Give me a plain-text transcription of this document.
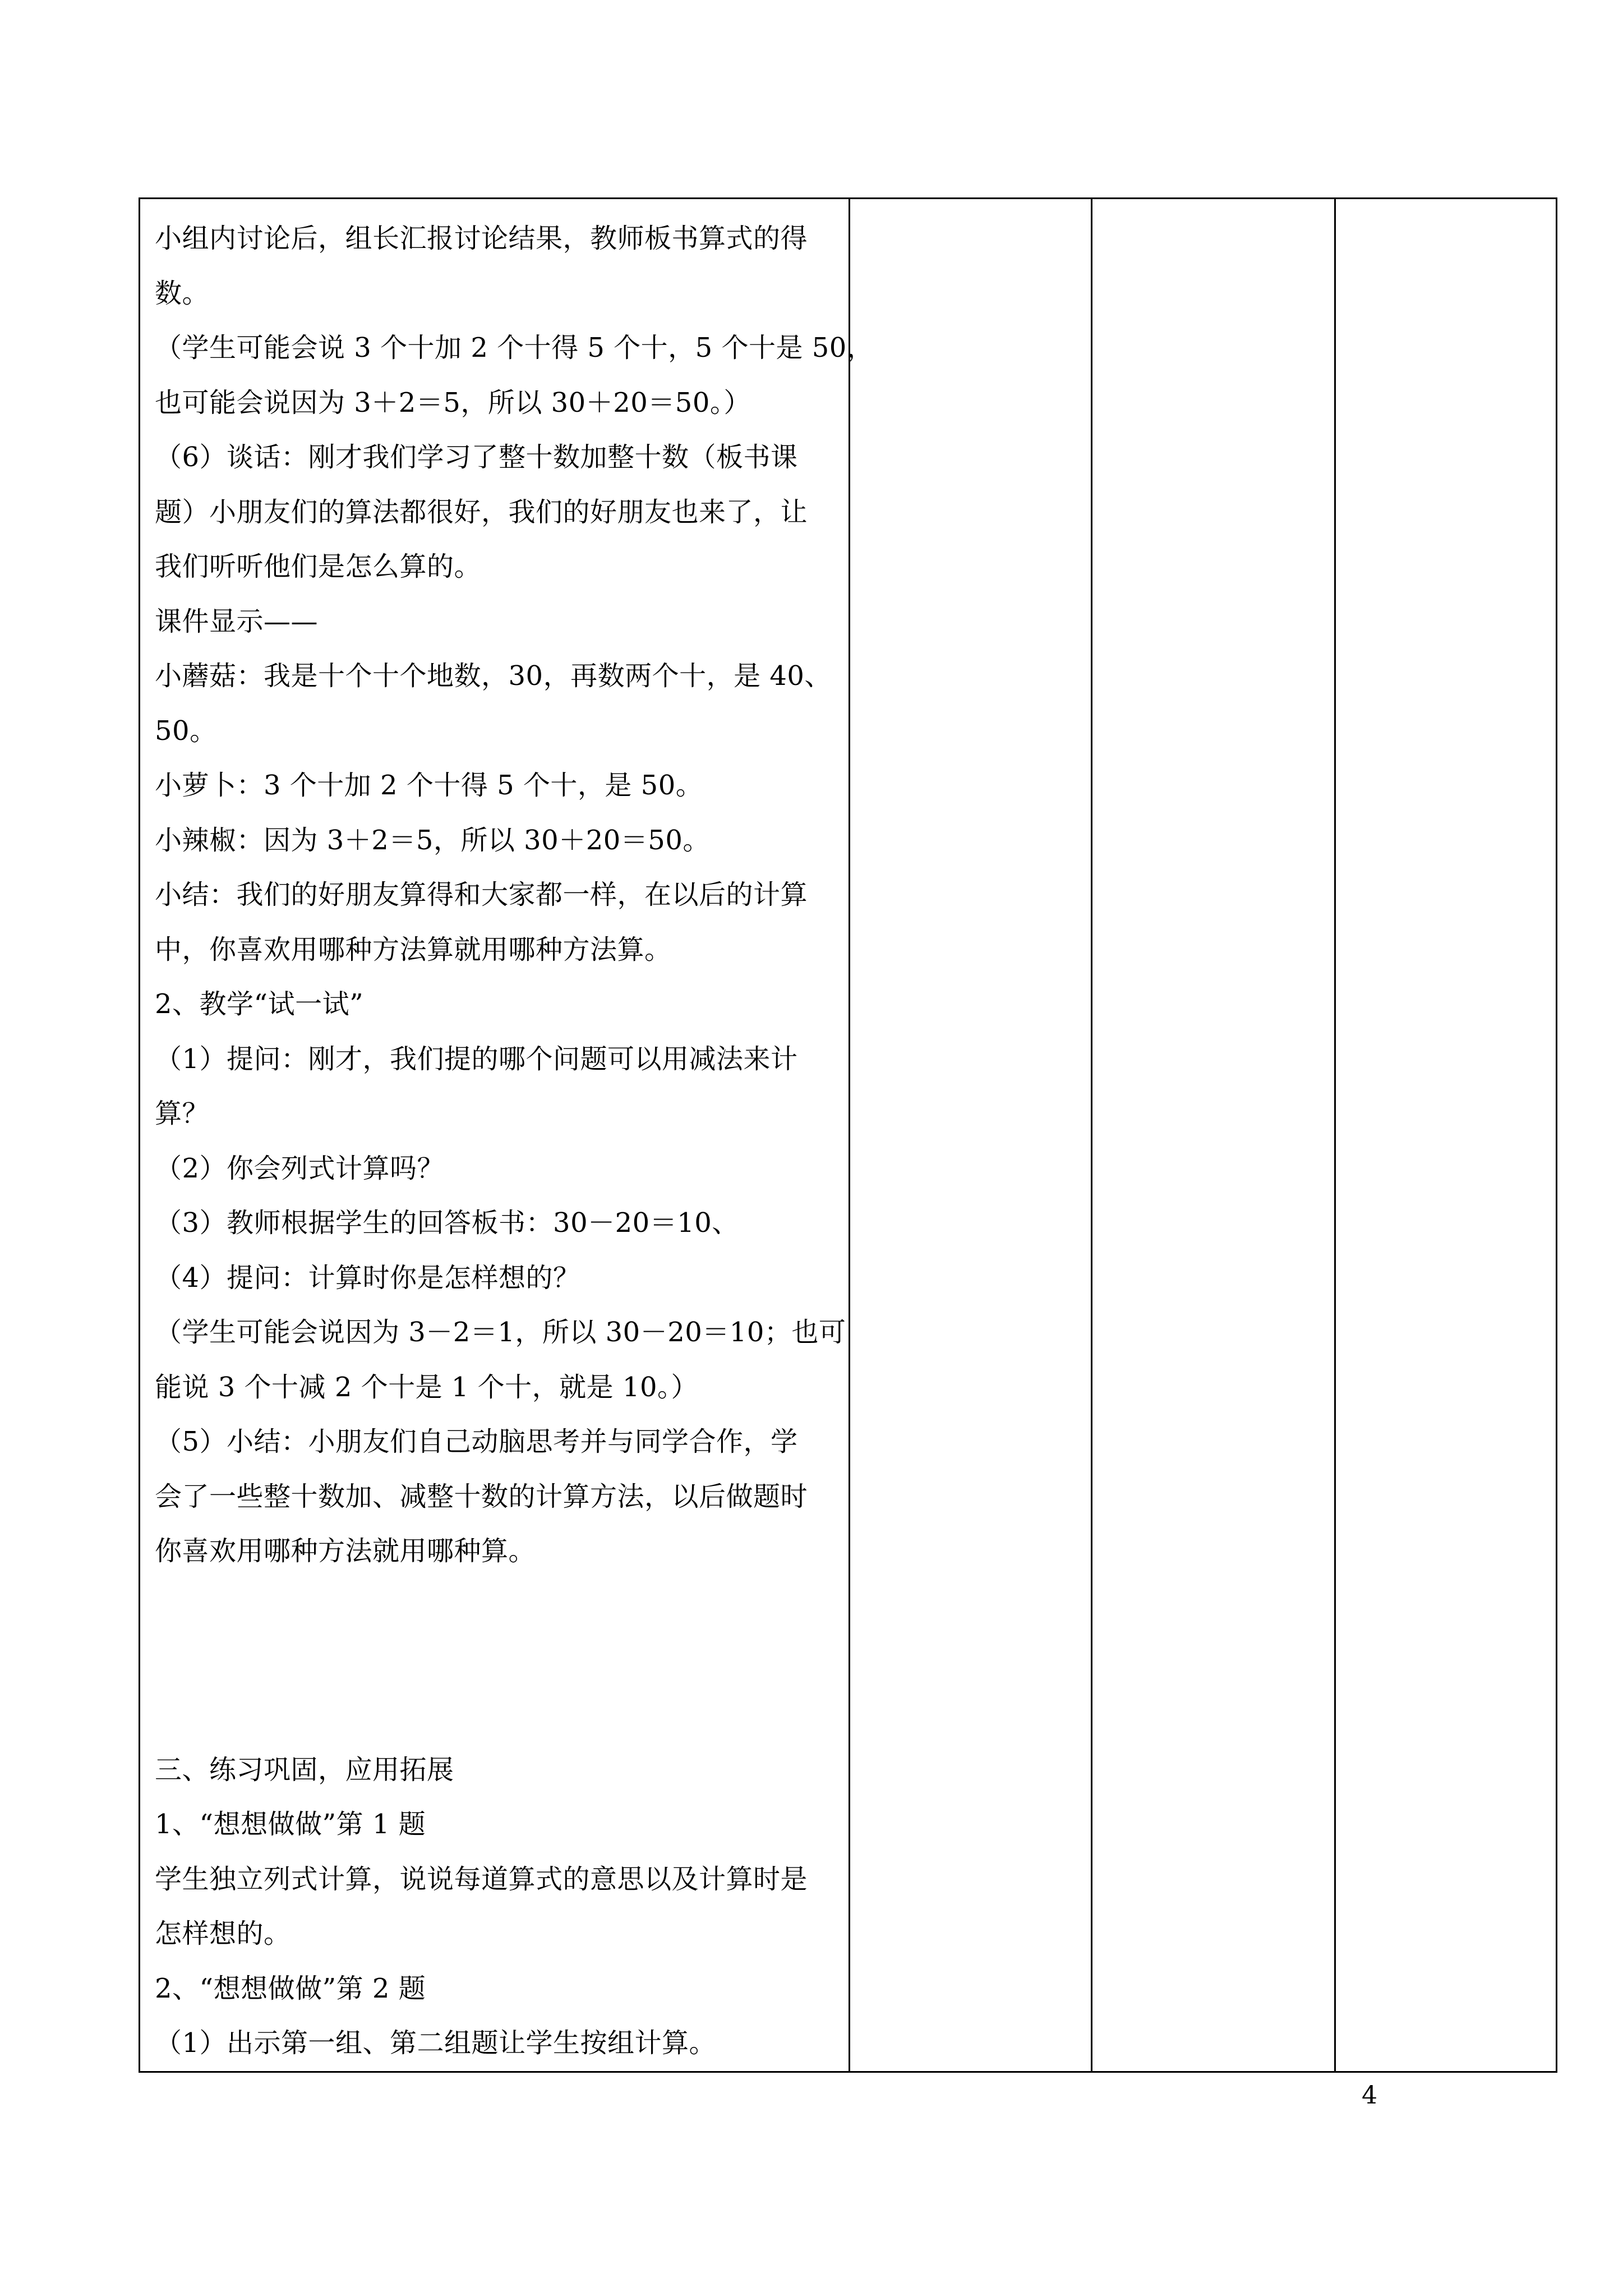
小组内讨论后，组长汇报讨论结果，教师板书算式的得
数。
（学生可能会说 3 个十加 2 个十得 5 个十，5 个十是 50，
也可能会说因为 3＋2＝5，所以 30＋20＝50。）
（6）谈话：刚才我们学习了整十数加整十数（板书课
题）小朋友们的算法都很好，我们的好朋友也来了，让
我们听听他们是怎么算的。
课件显示——
小蘑菇：我是十个十个地数，30，再数两个十，是 40、
50。
小萝卜：3 个十加 2 个十得 5 个十，是 50。
小辣椒：因为 3＋2＝5，所以 30＋20＝50。
小结：我们的好朋友算得和大家都一样，在以后的计算
中，你喜欢用哪种方法算就用哪种方法算。
2、教学“试一试”
（1）提问：刚才，我们提的哪个问题可以用减法来计
算？
（2）你会列式计算吗？
（3）教师根据学生的回答板书：30－20＝10、
（4）提问：计算时你是怎样想的？
（学生可能会说因为 3－2＝1，所以 30－20＝10；也可
能说 3 个十减 2 个十是 1 个十，就是 10。）
（5）小结：小朋友们自己动脑思考并与同学合作，学
会了一些整十数加、减整十数的计算方法，以后做题时
你喜欢用哪种方法就用哪种算。
三、练习巩固，应用拓展
1、“想想做做”第 1 题
学生独立列式计算，说说每道算式的意思以及计算时是
怎样想的。
2、“想想做做”第 2 题
（1）出示第一组、第二组题让学生按组计算。

4
